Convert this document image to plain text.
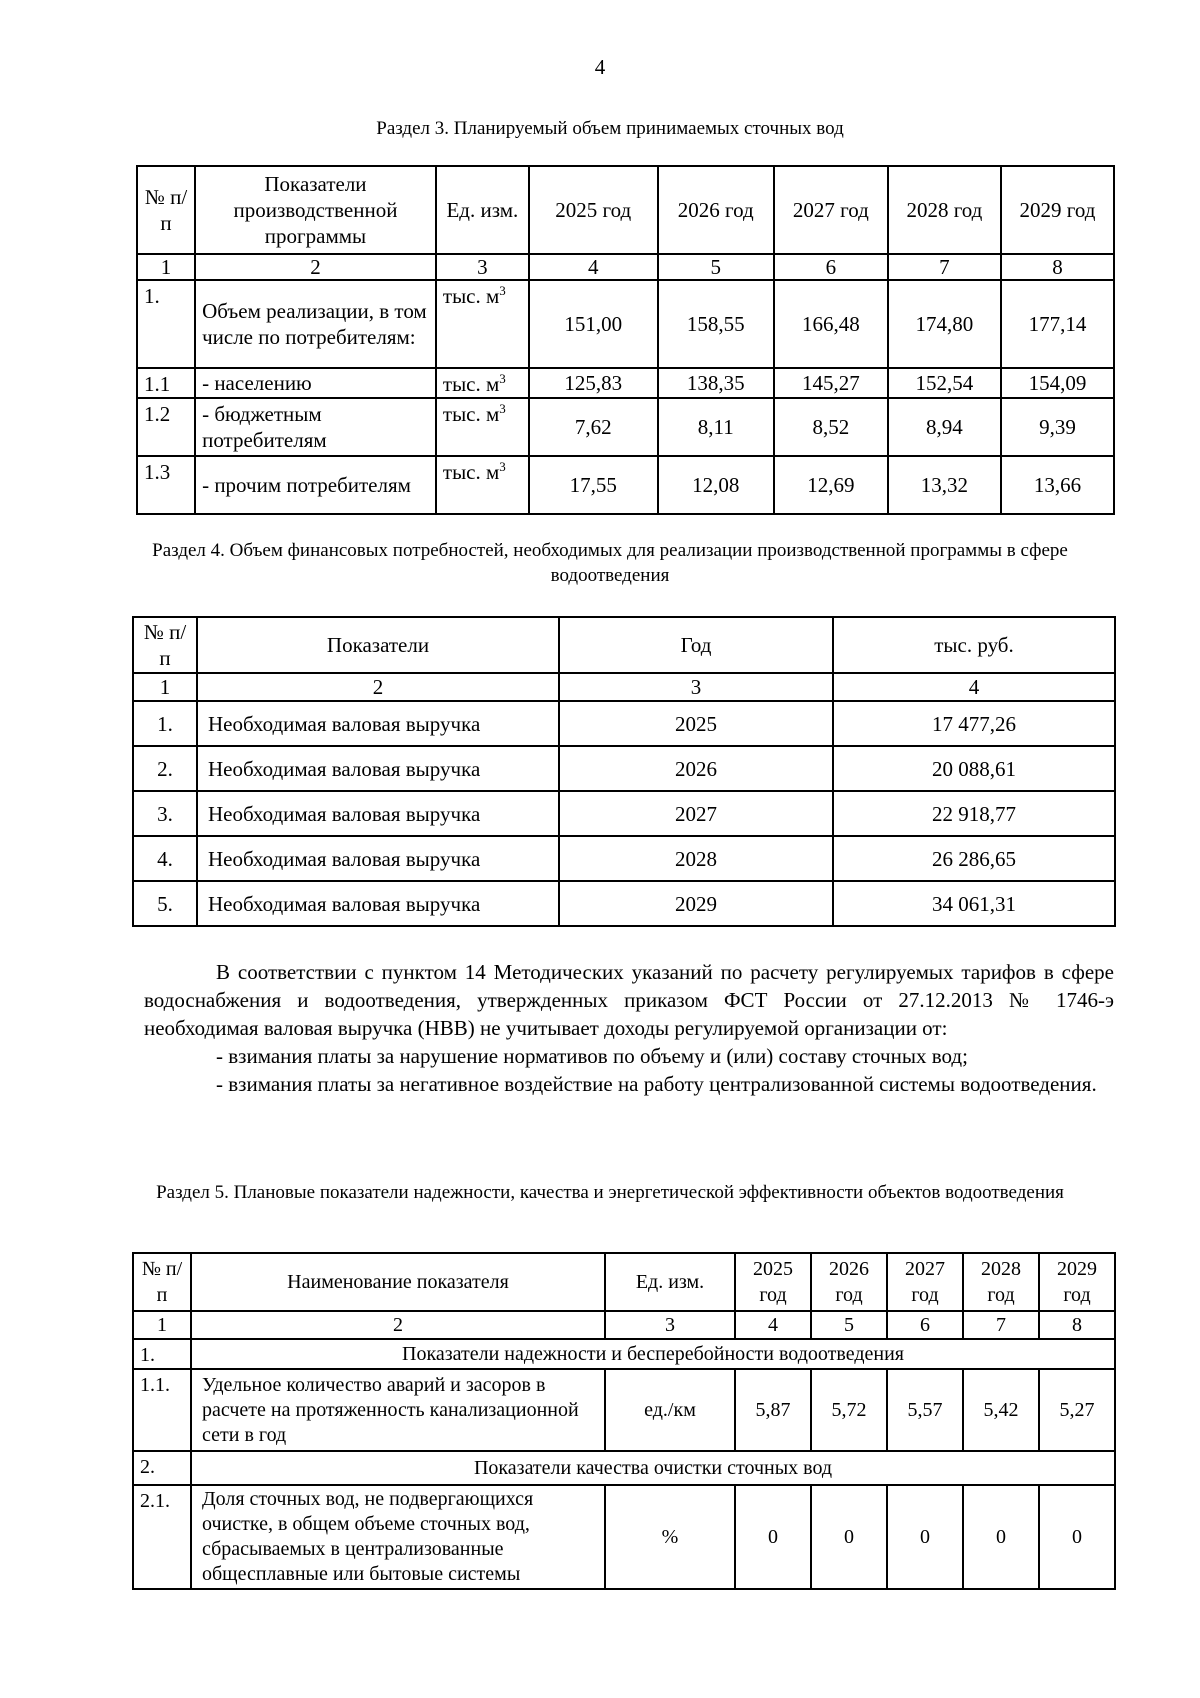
4
Раздел 3. Планируемый объем принимаемых сточных вод
№ п/п	Показатели производственной программы	Ед. изм.	2025 год	2026 год	2027 год	2028 год	2029 год
1	2	3	4	5	6	7	8
1.	Объем реализации, в том числе по потребителям:	тыс. $м^3$	151,00	158,55	166,48	174,80	177,14
1.1	- населению	тыс. $м^3$	125,83	138,35	145,27	152,54	154,09
1.2	- бюджетным потребителям	тыс. $м^3$	7,62	8,11	8,52	8,94	9,39
1.3	- прочим потребителям	тыс. $м^3$	17,55	12,08	12,69	13,32	13,66
Раздел 4. Объем финансовых потребностей, необходимых для реализации производственной программы в сфере водоотведения
№ п/п	Показатели	Год	тыс. руб.
1	2	3	4
1.	Необходимая валовая выручка	2025	17 477,26
2.	Необходимая валовая выручка	2026	20 088,61
3.	Необходимая валовая выручка	2027	22 918,77
4.	Необходимая валовая выручка	2028	26 286,65
5.	Необходимая валовая выручка	2029	34 061,31

В соответствии с пунктом 14 Методических указаний по расчету регулируемых тарифов в сфере водоснабжения и водоотведения, утвержденных приказом ФСТ России от 27.12.2013 № 1746-э необходимая валовая выручка (НВВ) не учитывает доходы регулируемой организации от:

- взимания платы за нарушение нормативов по объему и (или) составу сточных вод;

- взимания платы за негативное воздействие на работу централизованной системы водоотведения.

Раздел 5. Плановые показатели надежности, качества и энергетической эффективности объектов водоотведения
№ п/п	Наименование показателя	Ед. изм.	2025 год	2026 год	2027 год	2028 год	2029 год
1	2	3	4	5	6	7	8
1.	Показатели надежности и бесперебойности водоотведения						
1.1.	Удельное количество аварий и засоров в расчете на протяженность канализационной сети в год	ед./км	5,87	5,72	5,57	5,42	5,27
2.	Показатели качества очистки сточных вод						
2.1.	Доля сточных вод, не подвергающихся очистке, в общем объеме сточных вод, сбрасываемых в централизованные общесплавные или бытовые системы	%	0	0	0	0	0
